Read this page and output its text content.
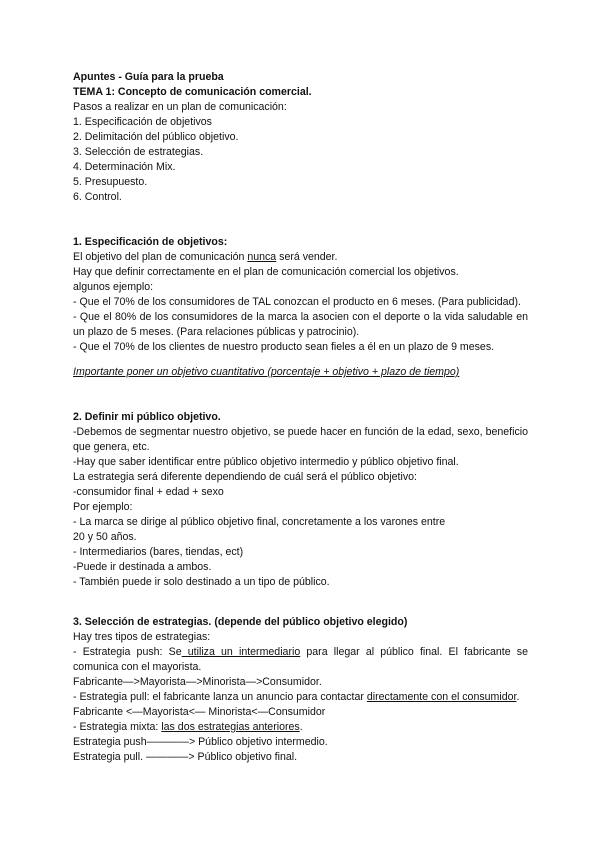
Apuntes - Guía para la prueba
TEMA 1: Concepto de comunicación comercial.
Pasos a realizar en un plan de comunicación:
1. Especificación de objetivos
2. Delimitación del público objetivo.
3. Selección de estrategias.
4. Determinación Mix.
5. Presupuesto.
6. Control.
1. Especificación de objetivos:
El objetivo del plan de comunicación nunca será vender.
Hay que definir correctamente en el plan de comunicación comercial los objetivos.
algunos ejemplo:
- Que el 70% de los consumidores de TAL conozcan el producto en 6 meses. (Para publicidad).
- Que el 80% de los consumidores de la marca la asocien con el deporte o la vida saludable en un plazo de 5 meses. (Para relaciones públicas y patrocinio).
- Que el 70% de los clientes de nuestro producto sean fieles a él en un plazo de 9 meses.
Importante poner un objetivo cuantitativo (porcentaje + objetivo + plazo de tiempo)
2. Definir mi público objetivo.
-Debemos de segmentar nuestro objetivo, se puede hacer en función de la edad, sexo, beneficio que genera, etc.
-Hay que saber identificar entre público objetivo intermedio y público objetivo final.
La estrategia será diferente dependiendo de cuál será el público objetivo:
-consumidor final + edad + sexo
Por ejemplo:
- La marca se dirige al público objetivo final, concretamente a los varones entre
20 y 50 años.
- Intermediarios (bares, tiendas, ect)
-Puede ir destinada a ambos.
- También puede ir solo destinado a un tipo de público.
3. Selección de estrategias. (depende del público objetivo elegido)
Hay tres tipos de estrategias:
- Estrategia push: Se utiliza un intermediario para llegar al público final. El fabricante se comunica con el mayorista.
Fabricante—>Mayorista—>Minorista—>Consumidor.
- Estrategia pull: el fabricante lanza un anuncio para contactar directamente con el consumidor.
Fabricante <—Mayorista<— Minorista<—Consumidor
- Estrategia mixta: las dos estrategias anteriores.
Estrategia push————> Público objetivo intermedio.
Estrategia pull. ————> Público objetivo final.
